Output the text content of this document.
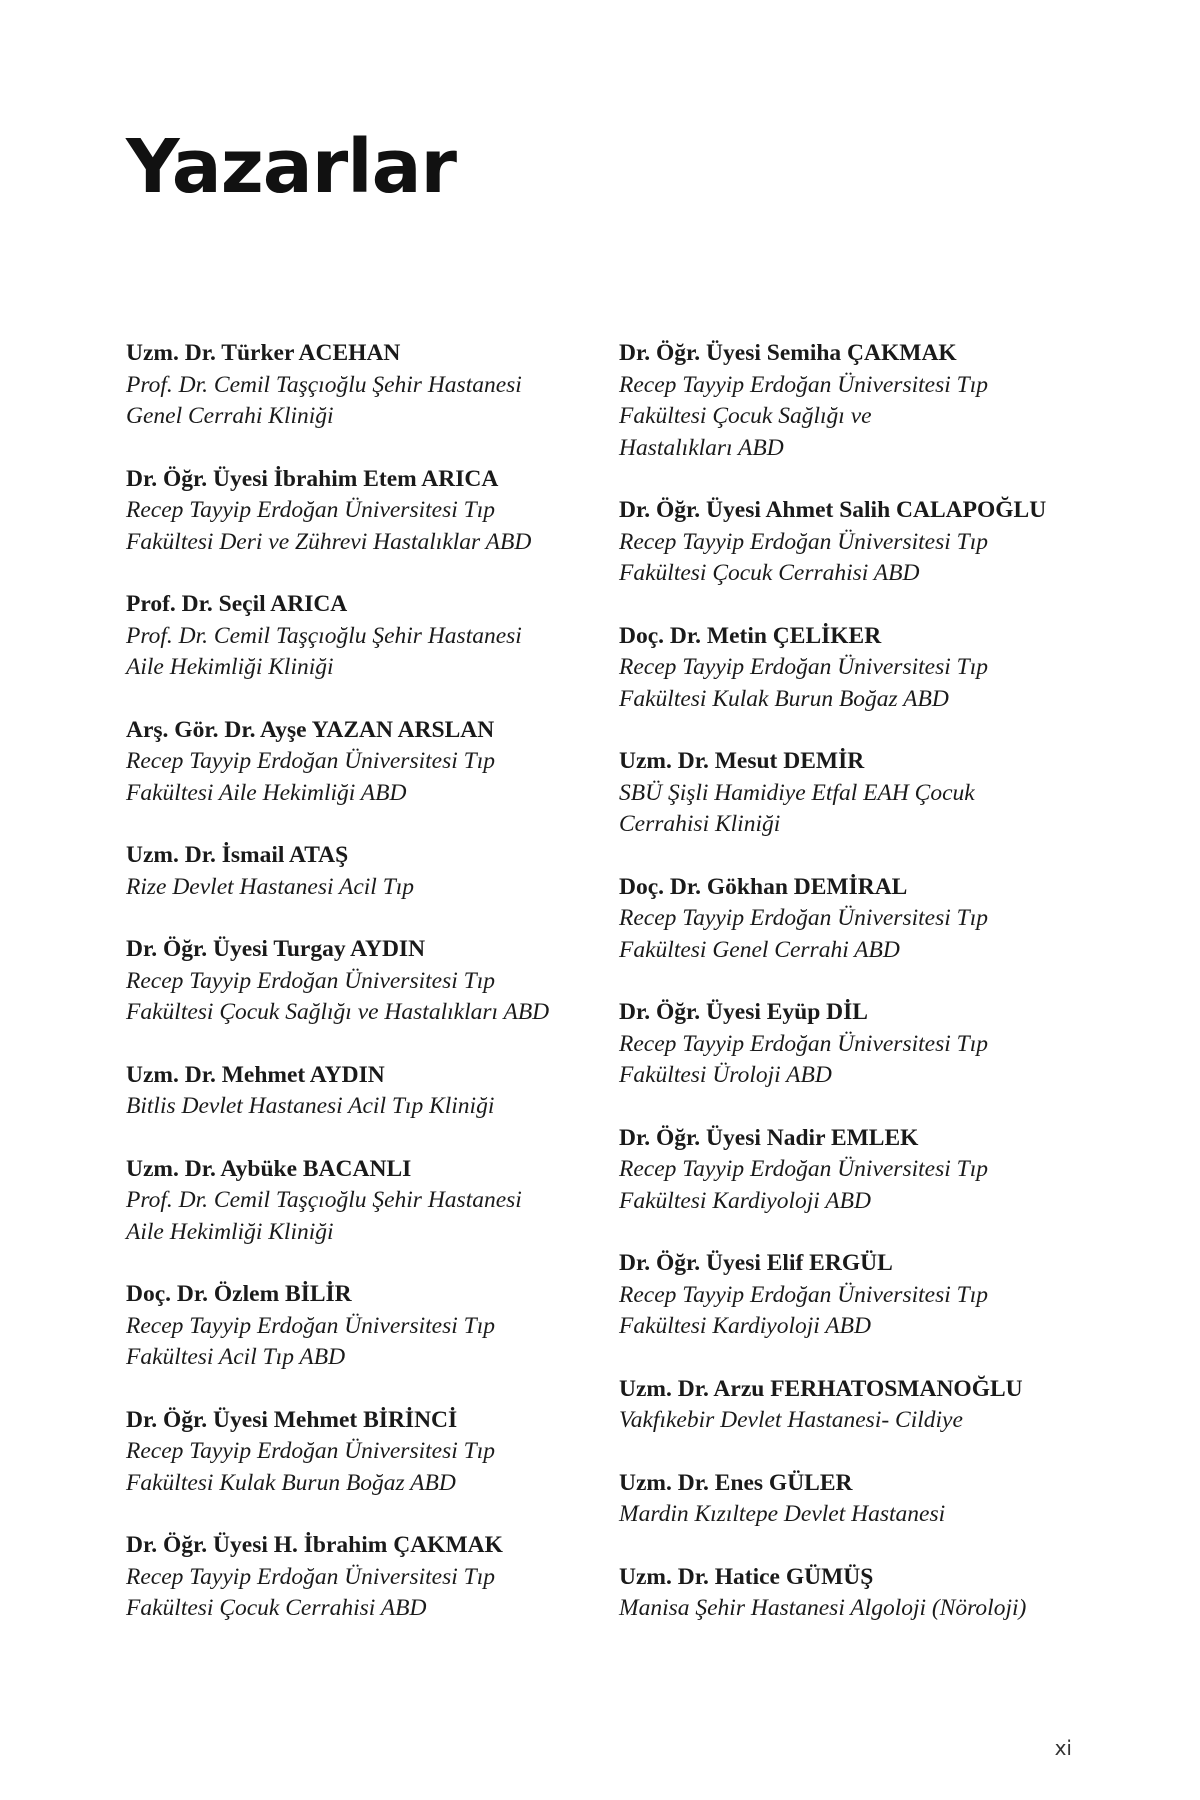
Yazarlar
Uzm. Dr. Türker ACEHAN
Prof. Dr. Cemil Taşçıoğlu Şehir Hastanesi
Genel Cerrahi Kliniği
Dr. Öğr. Üyesi İbrahim Etem ARICA
Recep Tayyip Erdoğan Üniversitesi Tıp
Fakültesi Deri ve Zührevi Hastalıklar ABD
Prof. Dr. Seçil ARICA
Prof. Dr. Cemil Taşçıoğlu Şehir Hastanesi
Aile Hekimliği Kliniği
Arş. Gör. Dr. Ayşe YAZAN ARSLAN
Recep Tayyip Erdoğan Üniversitesi Tıp
Fakültesi Aile Hekimliği ABD
Uzm. Dr. İsmail ATAŞ
Rize Devlet Hastanesi Acil Tıp
Dr. Öğr. Üyesi Turgay AYDIN
Recep Tayyip Erdoğan Üniversitesi Tıp
Fakültesi Çocuk Sağlığı ve Hastalıkları ABD
Uzm. Dr. Mehmet AYDIN
Bitlis Devlet Hastanesi Acil Tıp Kliniği
Uzm. Dr. Aybüke BACANLI
Prof. Dr. Cemil Taşçıoğlu Şehir Hastanesi
Aile Hekimliği Kliniği
Doç. Dr. Özlem BİLİR
Recep Tayyip Erdoğan Üniversitesi Tıp
Fakültesi Acil Tıp ABD
Dr. Öğr. Üyesi Mehmet BİRİNCİ
Recep Tayyip Erdoğan Üniversitesi Tıp
Fakültesi Kulak Burun Boğaz ABD
Dr. Öğr. Üyesi H. İbrahim ÇAKMAK
Recep Tayyip Erdoğan Üniversitesi Tıp
Fakültesi Çocuk Cerrahisi ABD
Dr. Öğr. Üyesi Semiha ÇAKMAK
Recep Tayyip Erdoğan Üniversitesi Tıp
Fakültesi Çocuk Sağlığı ve
Hastalıkları ABD
Dr. Öğr. Üyesi Ahmet Salih CALAPOĞLU
Recep Tayyip Erdoğan Üniversitesi Tıp
Fakültesi Çocuk Cerrahisi ABD
Doç. Dr. Metin ÇELİKER
Recep Tayyip Erdoğan Üniversitesi Tıp
Fakültesi Kulak Burun Boğaz ABD
Uzm. Dr. Mesut DEMİR
SBÜ Şişli Hamidiye Etfal EAH Çocuk
Cerrahisi Kliniği
Doç. Dr. Gökhan DEMİRAL
Recep Tayyip Erdoğan Üniversitesi Tıp
Fakültesi Genel Cerrahi ABD
Dr. Öğr. Üyesi Eyüp DİL
Recep Tayyip Erdoğan Üniversitesi Tıp
Fakültesi Üroloji ABD
Dr. Öğr. Üyesi Nadir EMLEK
Recep Tayyip Erdoğan Üniversitesi Tıp
Fakültesi Kardiyoloji ABD
Dr. Öğr. Üyesi Elif ERGÜL
Recep Tayyip Erdoğan Üniversitesi Tıp
Fakültesi Kardiyoloji ABD
Uzm. Dr. Arzu FERHATOSMANOĞLU
Vakfıkebir Devlet Hastanesi- Cildiye
Uzm. Dr. Enes GÜLER
Mardin Kızıltepe Devlet Hastanesi
Uzm. Dr. Hatice GÜMÜŞ
Manisa Şehir Hastanesi Algoloji (Nöroloji)
xi
